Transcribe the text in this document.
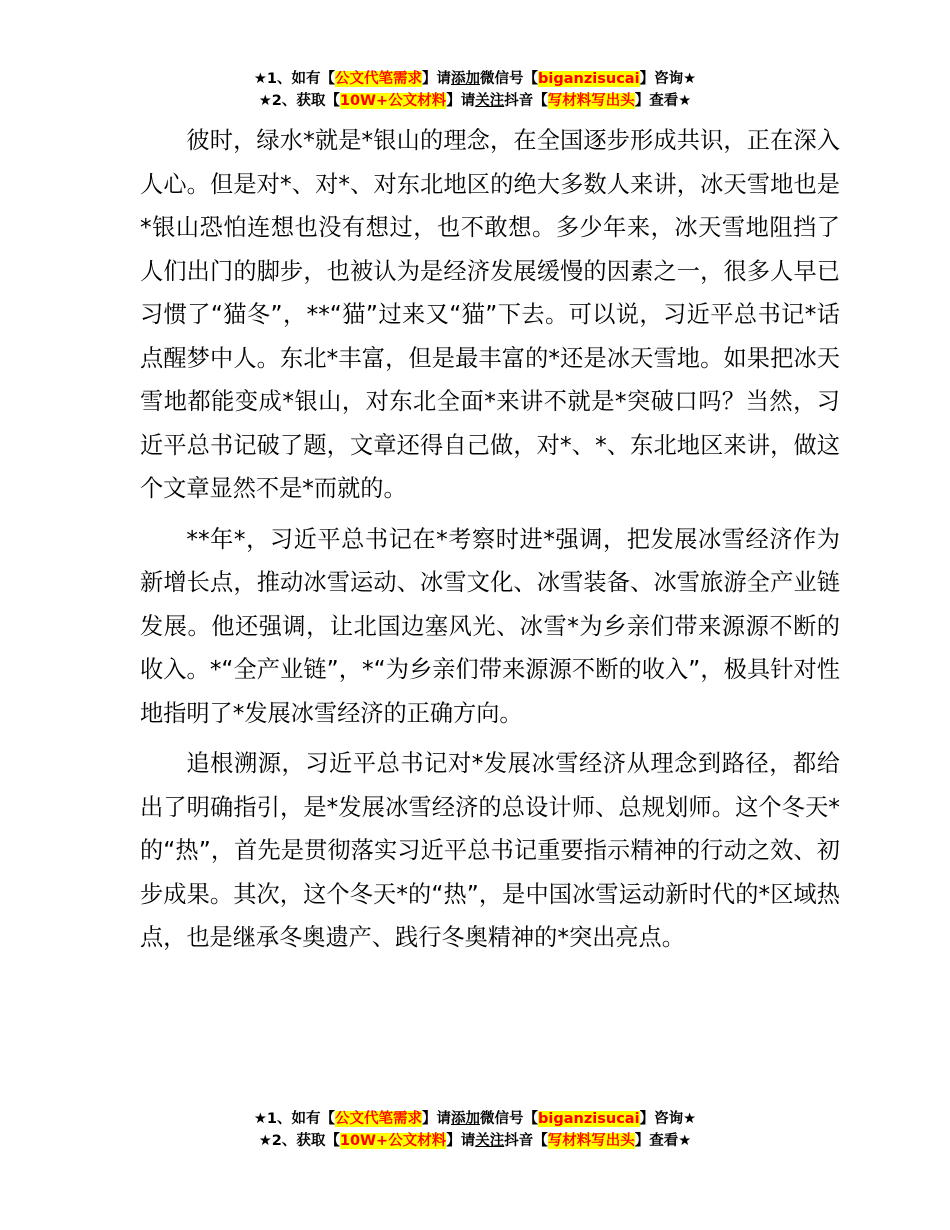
★1、如有【公文代笔需求】请添加微信号【biganzisucai】咨询★
★2、获取【10W+公文材料】请关注抖音【写材料写出头】查看★

彼时，绿水*就是*银山的理念，在全国逐步形成共识，正在深入人心。但是对*、对*、对东北地区的绝大多数人来讲，冰天雪地也是*银山恐怕连想也没有想过，也不敢想。多少年来，冰天雪地阻挡了人们出门的脚步，也被认为是经济发展缓慢的因素之一，很多人早已习惯了“猫冬”，**“猫”过来又“猫”下去。可以说，习近平总书记*话点醒梦中人。东北*丰富，但是最丰富的*还是冰天雪地。如果把冰天雪地都能变成*银山，对东北全面*来讲不就是*突破口吗？当然，习近平总书记破了题，文章还得自己做，对*、*、东北地区来讲，做这个文章显然不是*而就的。

**年*，习近平总书记在*考察时进*强调，把发展冰雪经济作为新增长点，推动冰雪运动、冰雪文化、冰雪装备、冰雪旅游全产业链发展。他还强调，让北国边塞风光、冰雪*为乡亲们带来源源不断的收入。*“全产业链”，*“为乡亲们带来源源不断的收入”，极具针对性地指明了*发展冰雪经济的正确方向。

追根溯源，习近平总书记对*发展冰雪经济从理念到路径，都给出了明确指引，是*发展冰雪经济的总设计师、总规划师。这个冬天*的“热”，首先是贯彻落实习近平总书记重要指示精神的行动之效、初步成果。其次，这个冬天*的“热”，是中国冰雪运动新时代的*区域热点，也是继承冬奥遗产、践行冬奥精神的*突出亮点。

★1、如有【公文代笔需求】请添加微信号【biganzisucai】咨询★
★2、获取【10W+公文材料】请关注抖音【写材料写出头】查看★
